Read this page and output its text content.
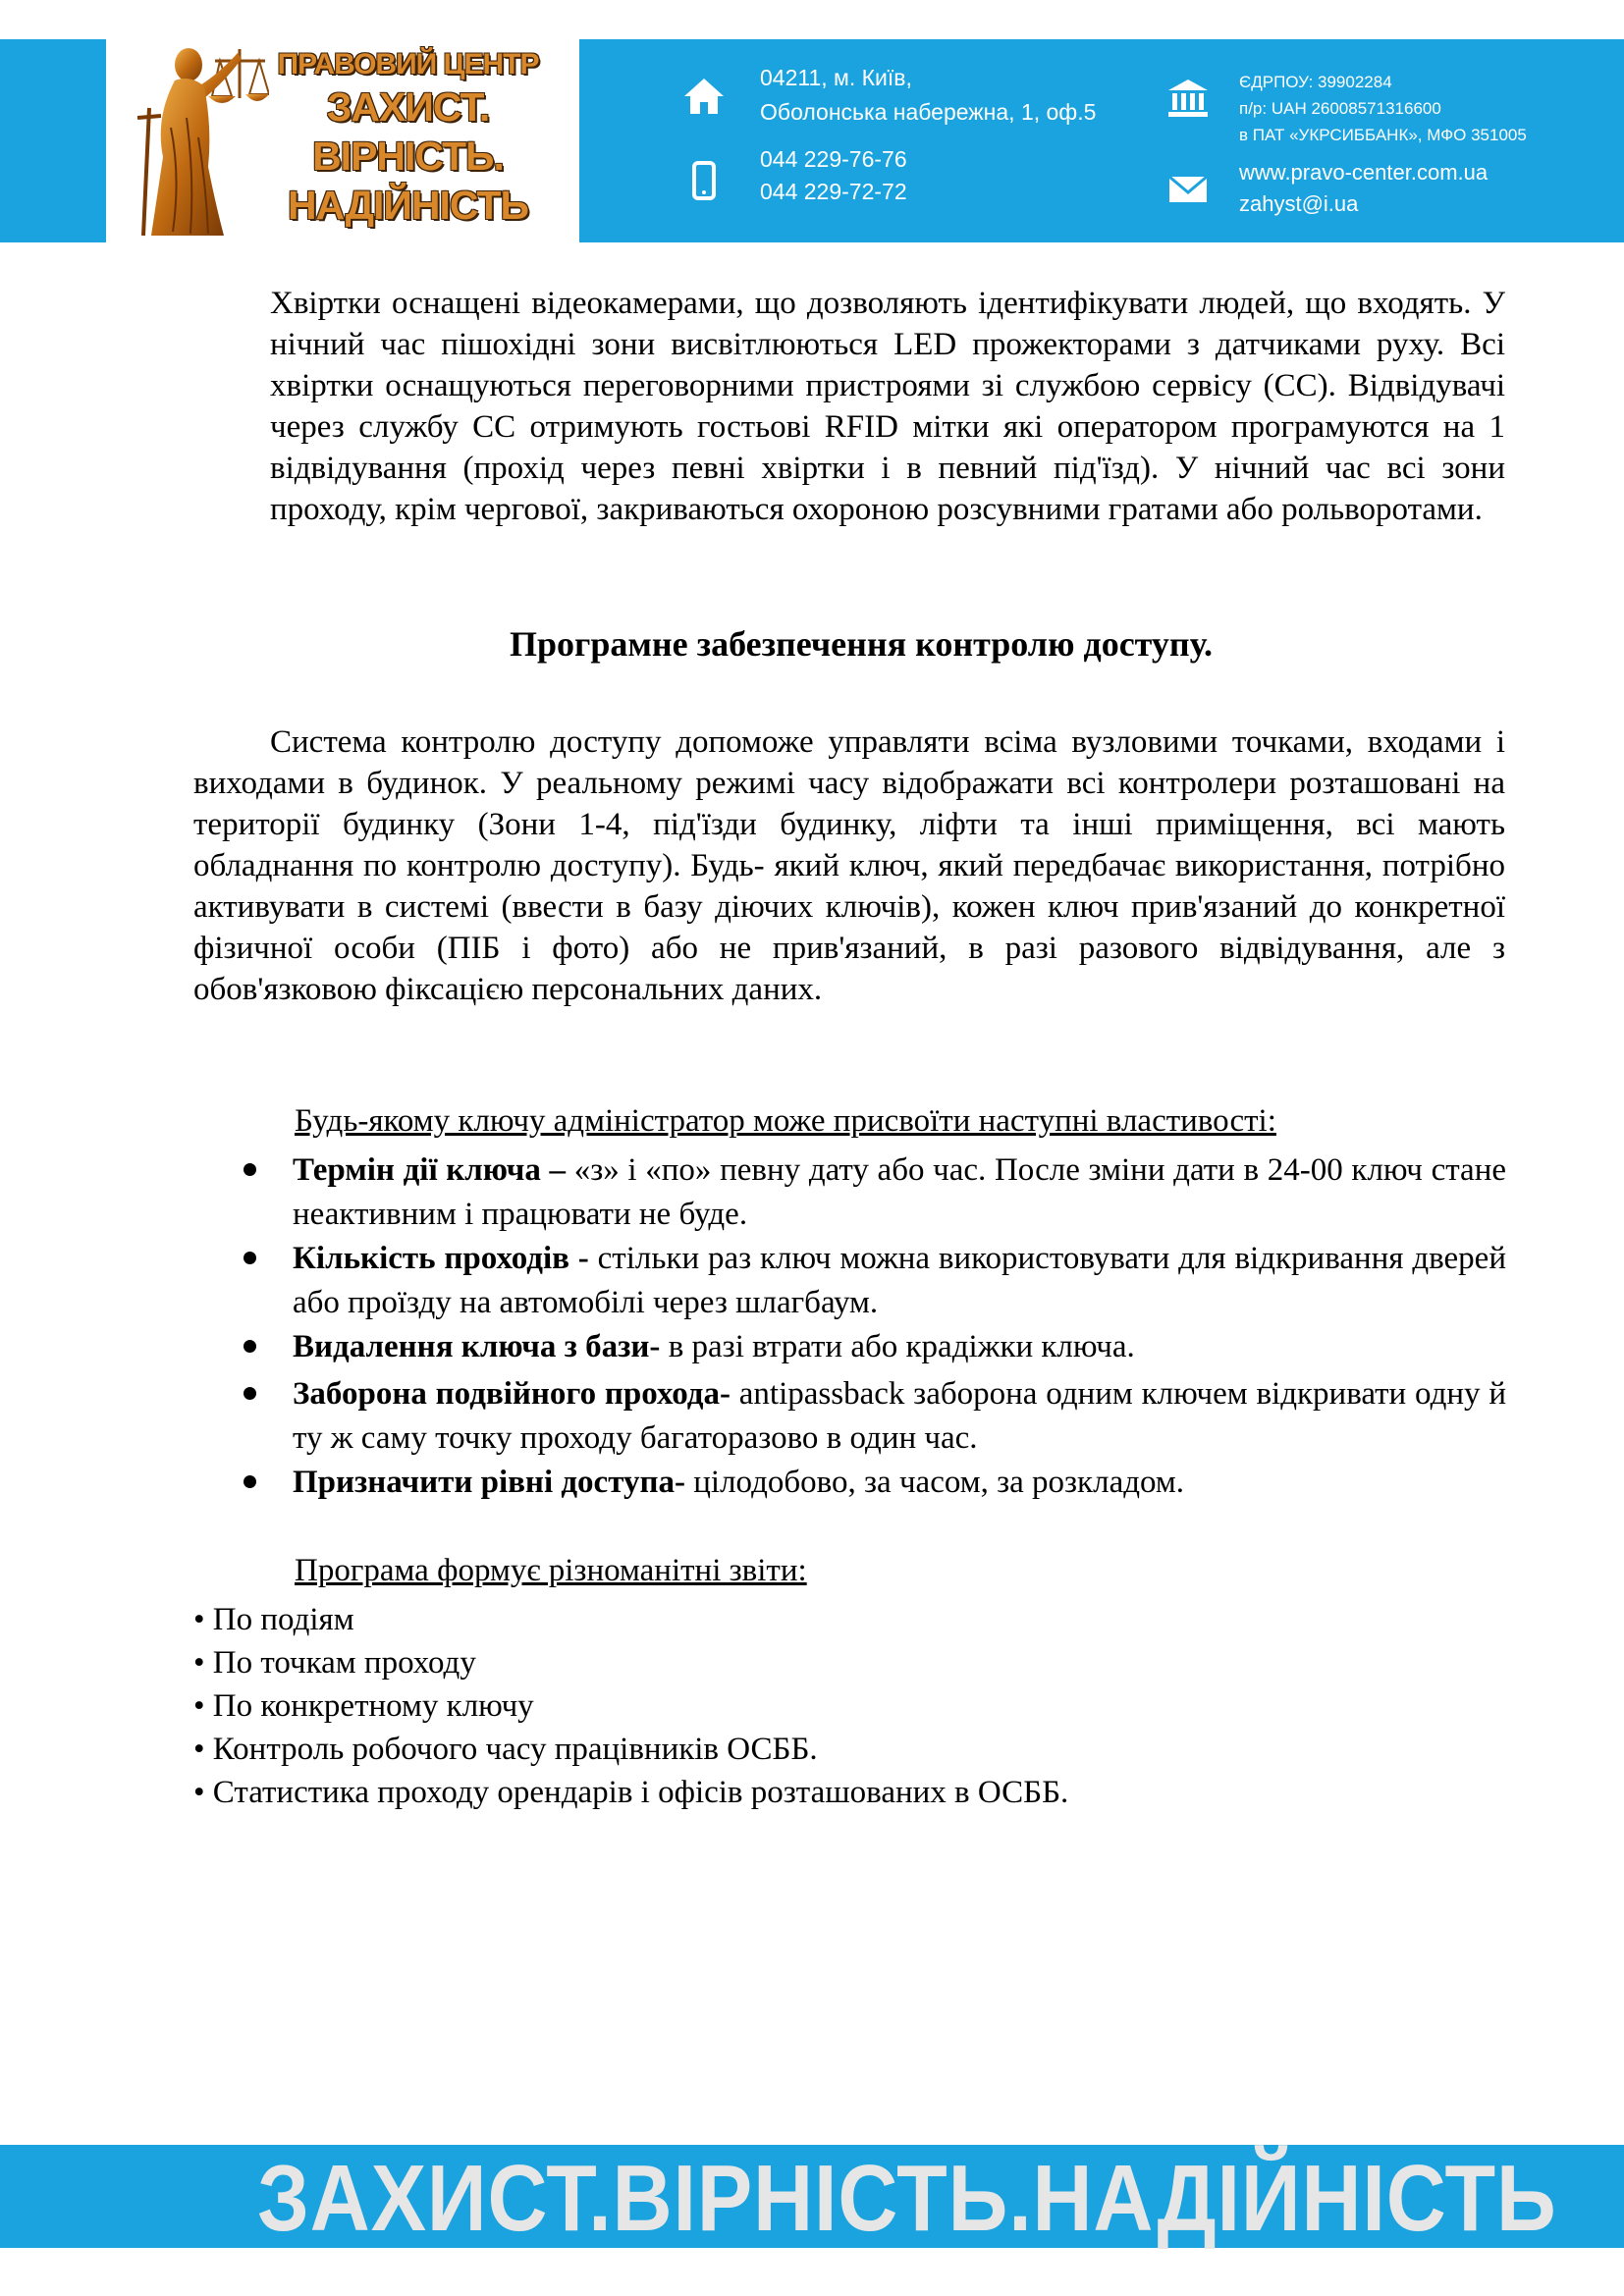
ПРАВОВИЙ ЦЕНТР
ЗАХИСТ.
ВІРНІСТЬ.
НАДІЙНІСТЬ
04211, м. Київ,
Оболонська набережна, 1, оф.5
044 229-76-76
044 229-72-72
ЄДРПОУ: 39902284
п/р: UAH 26008571316600
в ПАТ «УКРСИББАНК», МФО 351005
www.pravo-center.com.ua
zahyst@i.ua
Хвіртки оснащені відеокамерами, що дозволяють ідентифікувати людей, що входять. У нічний час пішохідні зони висвітлюються LED прожекторами з датчиками руху. Всі хвіртки оснащуються переговорними пристроями зі службою сервісу (СС). Відвідувачі через службу СС отримують гостьові RFID мітки які оператором програмуются на 1 відвідування (прохід через певні хвіртки і в певний під'їзд). У нічний час всі зони проходу, крім чергової, закриваються охороною розсувними гратами або рольворотами.
Програмне забезпечення контролю доступу.
Система контролю доступу допоможе управляти всіма вузловими точками, входами і виходами в будинок. У реальному режимі часу відображати всі контролери розташовані на території будинку (Зони 1-4, під'їзди будинку, ліфти та інші приміщення, всі мають обладнання по контролю доступу). Будь- який ключ, який передбачає використання, потрібно активувати в системі (ввести в базу діючих ключів), кожен ключ прив'язаний до конкретної фізичної особи (ПІБ і фото) або не прив'язаний, в разі разового відвідування, але з обов'язковою фіксацією персональних даних.
Будь-якому ключу адміністратор може присвоїти наступні властивості:
Термін дії ключа – «з» і «по» певну дату або час. После зміни дати в 24-00 ключ стане неактивним і працювати не буде.
Кількість проходів - стільки раз ключ можна використовувати для відкривання дверей або проїзду на автомобілі через шлагбаум.
Видалення ключа з бази- в разі втрати або крадіжки ключа.
Заборона подвійного прохода- antipassback заборона одним ключем відкривати одну й ту ж саму точку проходу багаторазово в один час.
Призначити рівні доступа- цілодобово, за часом, за розкладом.
Програма формує різноманітні звіти:
• По подіям
• По точкам проходу
• По конкретному ключу
• Контроль робочого часу працівників ОСББ.
• Статистика проходу орендарів і офісів розташованих в ОСББ.
ЗАХИСТ.ВІРНІСТЬ.НАДІЙНІСТЬ
